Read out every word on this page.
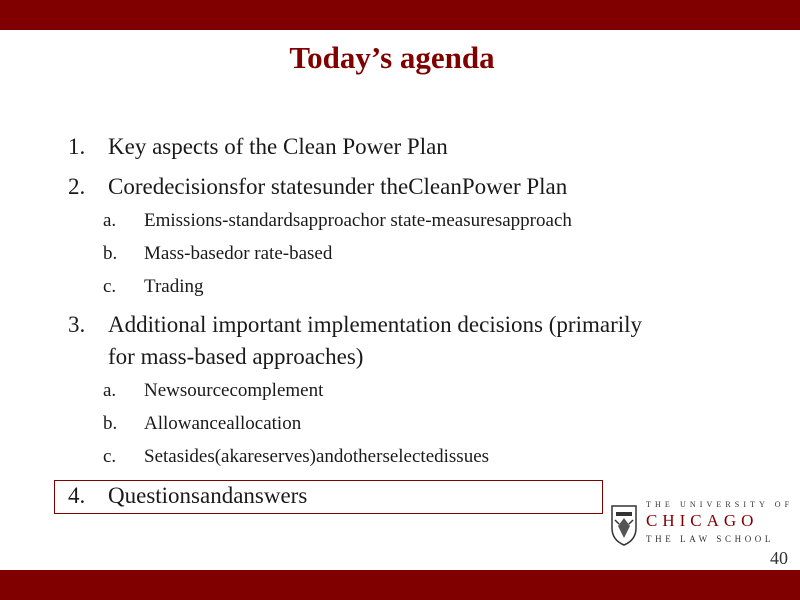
Today’s agenda
1. Key aspects of the Clean Power Plan
2. Coredecisionsfor statesunder theCleanPower Plan
a. Emissions-standardsapproachor state-measuresapproach
b. Mass-basedor rate-based
c. Trading
3. Additional important implementation decisions (primarily
for mass-based approaches)
a. Newsourcecomplement
b. Allowanceallocation
c. Setasides(akareserves)andotherselectedissues
4. Questionsandanswers	THE UNIVERSITY OF
CHICAGO
THE LAW SCHOOL
40
